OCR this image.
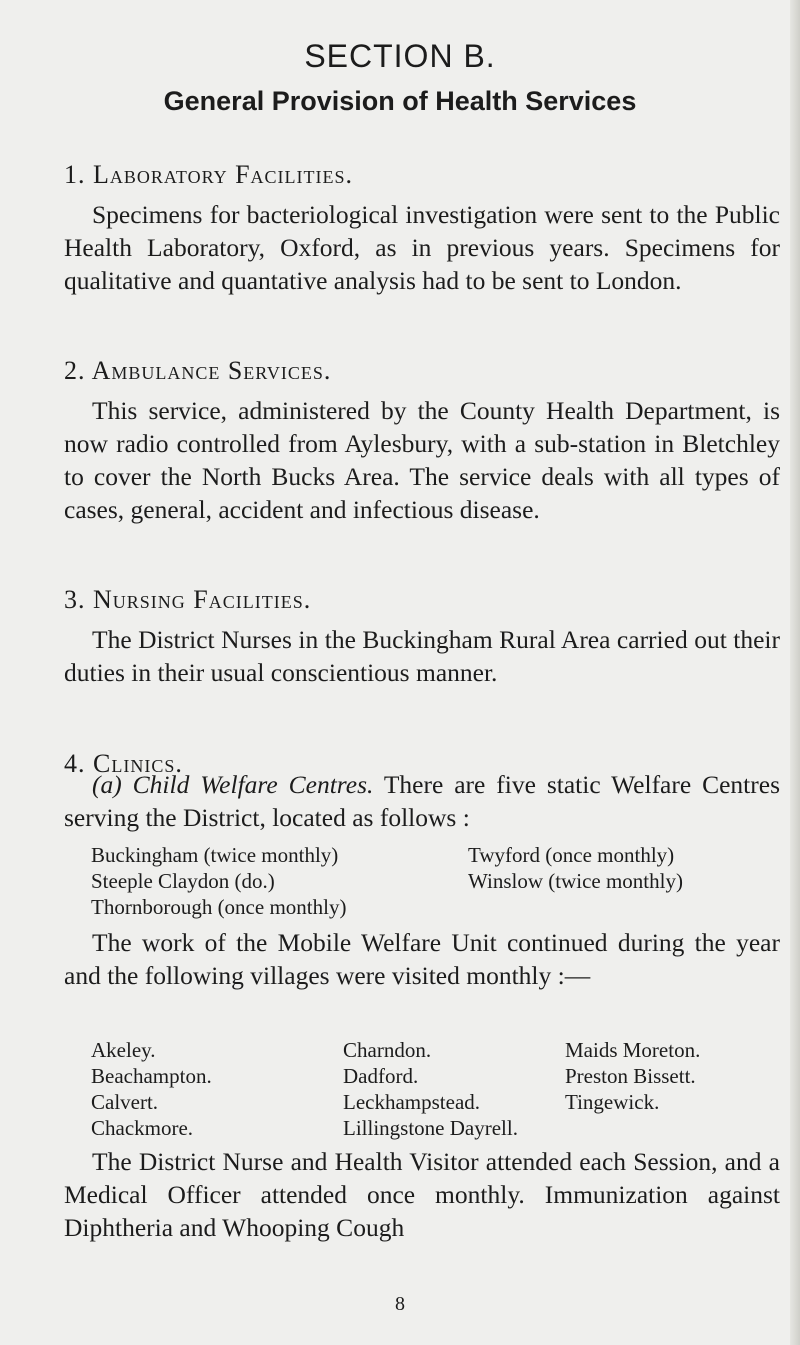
SECTION B.
General Provision of Health Services
1. Laboratory Facilities.

Specimens for bacteriological investigation were sent to the Public Health Laboratory, Oxford, as in previous years. Specimens for qualitative and quantative analysis had to be sent to London.

2. Ambulance Services.

This service, administered by the County Health Department, is now radio controlled from Aylesbury, with a sub-station in Bletchley to cover the North Bucks Area. The service deals with all types of cases, general, accident and infectious disease.

3. Nursing Facilities.

The District Nurses in the Buckingham Rural Area carried out their duties in their usual conscientious manner.

4. Clinics.

(a) Child Welfare Centres. There are five static Welfare Centres serving the District, located as follows :

Buckingham (twice monthly)	Twyford (once monthly)
Steeple Claydon (do.)	Winslow (twice monthly)
Thornborough (once monthly)

The work of the Mobile Welfare Unit continued during the year and the following villages were visited monthly :—

Akeley.	Charndon.	Maids Moreton.
Beachampton.	Dadford.	Preston Bissett.
Calvert.	Leckhampstead.	Tingewick.
Chackmore.	Lillingstone Dayrell.

The District Nurse and Health Visitor attended each Session, and a Medical Officer attended once monthly. Immunization against Diphtheria and Whooping Cough

8
